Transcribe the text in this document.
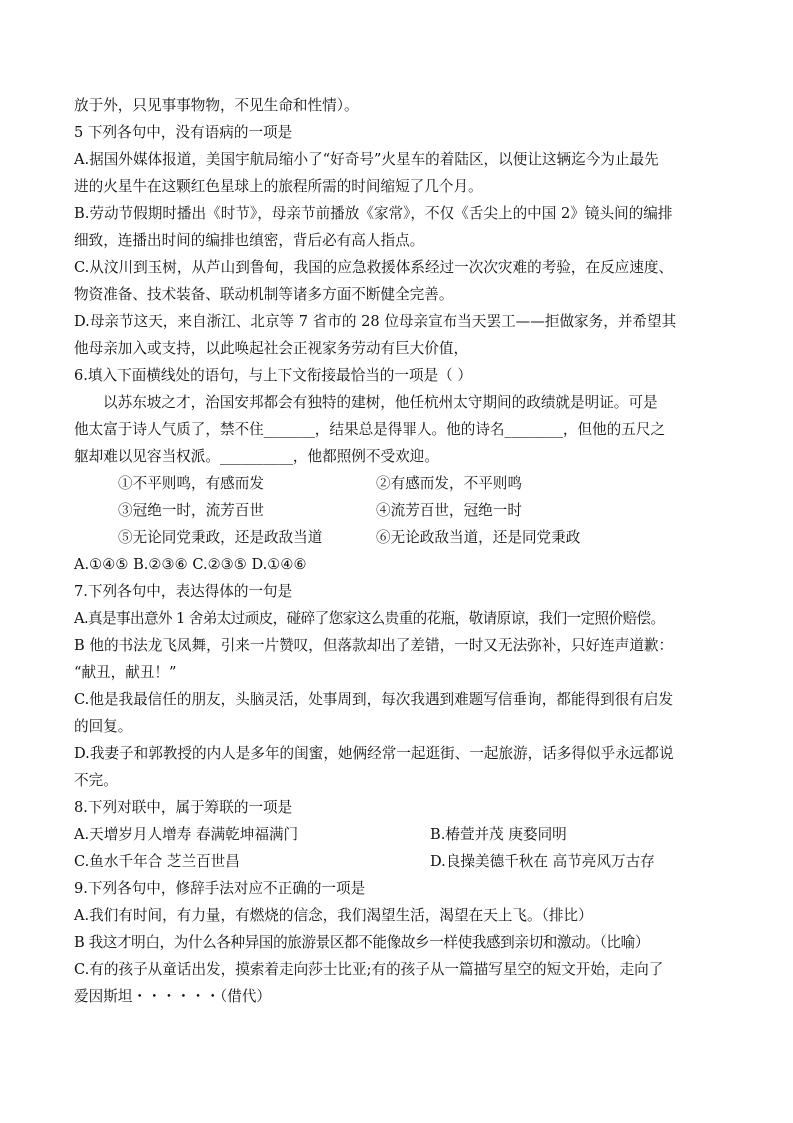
放于外，只见事事物物，不见生命和性情）。
5 下列各句中，没有语病的一项是
A.据国外媒体报道，美国宇航局缩小了“好奇号”火星车的着陆区，以便让这辆迄今为止最先
进的火星牛在这颗红色星球上的旅程所需的时间缩短了几个月。
B.劳动节假期时播出《时节》，母亲节前播放《家常》，不仅《舌尖上的中国 2》镜头间的编排
细致，连播出时间的编排也缜密，背后必有高人指点。
C.从汶川到玉树，从芦山到鲁甸，我国的应急救援体系经过一次次灾难的考验，在反应速度、
物资准备、技术装备、联动机制等诸多方面不断健全完善。
D.母亲节这天，来自浙江、北京等 7 省市的 28 位母亲宣布当天罢工——拒做家务，并希望其
他母亲加入或支持，以此唤起社会正视家务劳动有巨大价值，
6.填入下面横线处的语句，与上下文衔接最恰当的一项是（ ）
以苏东坡之才，治国安邦都会有独特的建树，他任杭州太守期间的政绩就是明证。可是
他太富于诗人气质了，禁不住_______，结果总是得罪人。他的诗名________，但他的五尺之
躯却难以见容当权派。__________，他都照例不受欢迎。
①不平则鸣，有感而发	②有感而发，不平则鸣
③冠绝一时，流芳百世	④流芳百世，冠绝一时
⑤无论同党秉政，还是政敌当道	⑥无论政敌当道，还是同党秉政
A.①④⑤ B.②③⑥ C.②③⑤ D.①④⑥
7.下列各句中，表达得体的一句是
A.真是事出意外 1 舍弟太过顽皮，碰碎了您家这么贵重的花瓶，敬请原谅，我们一定照价赔偿。
B 他的书法龙飞凤舞，引来一片赞叹，但落款却出了差错，一时又无法弥补，只好连声道歉：
“献丑，献丑！”
C.他是我最信任的朋友，头脑灵活，处事周到，每次我遇到难题写信垂询，都能得到很有启发
的回复。
D.我妻子和郭教授的内人是多年的闺蜜，她俩经常一起逛街、一起旅游，话多得似乎永远都说
不完。
8.下列对联中，属于筹联的一项是
A.天增岁月人增寿 春满乾坤福满门	B.椿萱并茂 庚婺同明
C.鱼水千年合 芝兰百世昌	D.良操美德千秋在 高节亮风万古存
9.下列各句中，修辞手法对应不正确的一项是
A.我们有时间，有力量，有燃烧的信念，我们渴望生活，渴望在天上飞。（排比）
B 我这才明白，为什么各种异国的旅游景区都不能像故乡一样使我感到亲切和激动。（比喻）
C.有的孩子从童话出发，摸索着走向莎士比亚;有的孩子从一篇描写星空的短文开始，走向了
爱因斯坦・・・・・・（借代）
